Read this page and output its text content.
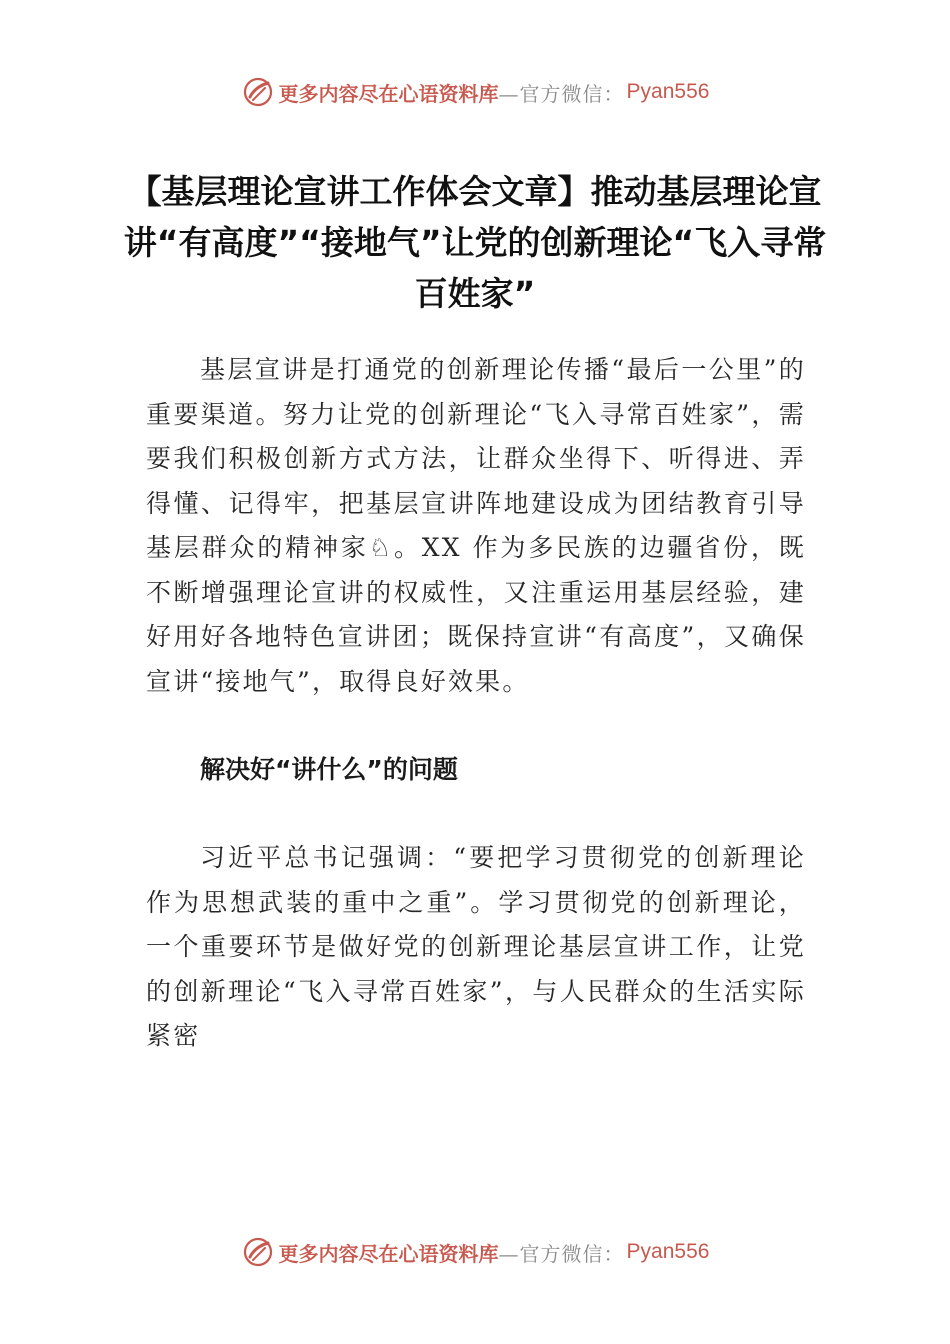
更多内容尽在心语资料库 —官方微信： Pyan556
【基层理论宣讲工作体会文章】推动基层理论宣讲“有高度”“接地气”让党的创新理论“飞入寻常百姓家”

基层宣讲是打通党的创新理论传播“最后一公里”的重要渠道。努力让党的创新理论“飞入寻常百姓家”，需要我们积极创新方式方法，让群众坐得下、听得进、弄得懂、记得牢，把基层宣讲阵地建设成为团结教育引导基层群众的精神家♘。XX 作为多民族的边疆省份，既不断增强理论宣讲的权威性，又注重运用基层经验，建好用好各地特色宣讲团；既保持宣讲“有高度”，又确保宣讲“接地气”，取得良好效果。

解决好“讲什么”的问题

习近平总书记强调：“要把学习贯彻党的创新理论作为思想武装的重中之重”。学习贯彻党的创新理论，一个重要环节是做好党的创新理论基层宣讲工作，让党的创新理论“飞入寻常百姓家”，与人民群众的生活实际紧密

更多内容尽在心语资料库 —官方微信： Pyan556
